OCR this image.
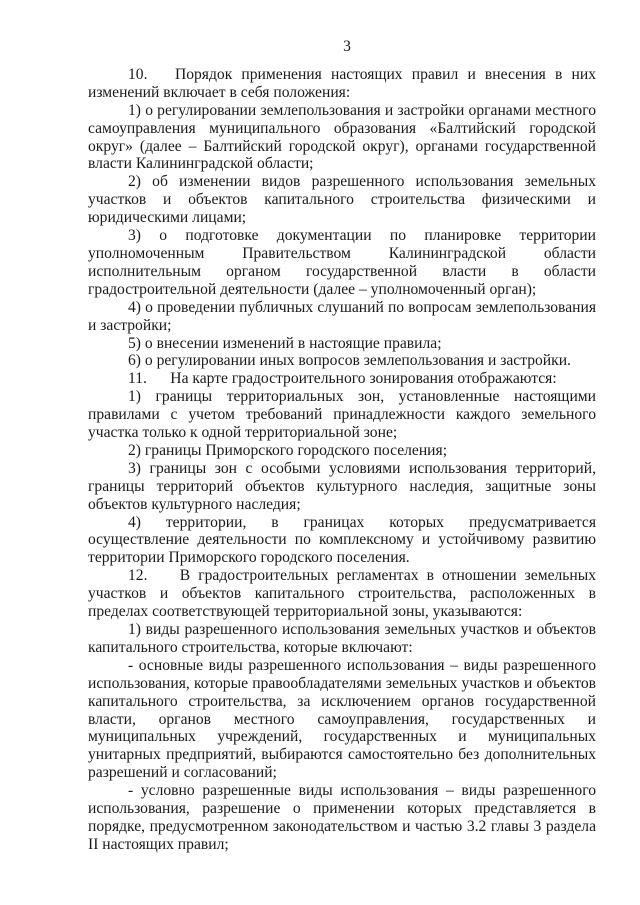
3

10.   Порядок применения настоящих правил и внесения в них изменений включает в себя положения:

1) о регулировании землепользования и застройки органами местного самоуправления муниципального образования «Балтийский городской округ» (далее – Балтийский городской округ), органами государственной власти Калининградской области;

2) об изменении видов разрешенного использования земельных участков и объектов капитального строительства физическими и юридическими лицами;

3) о подготовке документации по планировке территории уполномоченным Правительством Калининградской области исполнительным органом государственной власти в области градостроительной деятельности (далее – уполномоченный орган);

4) о проведении публичных слушаний по вопросам землепользования и застройки;

5) о внесении изменений в настоящие правила;

6) о регулировании иных вопросов землепользования и застройки.

11.      На карте градостроительного зонирования отображаются:

1) границы территориальных зон, установленные настоящими правилами с учетом требований принадлежности каждого земельного участка только к одной территориальной зоне;

2) границы Приморского городского поселения;

3) границы зон с особыми условиями использования территорий, границы территорий объектов культурного наследия, защитные зоны объектов культурного наследия;

4) территории, в границах которых предусматривается осуществление деятельности по комплексному и устойчивому развитию территории Приморского городского поселения.

12.    В градостроительных регламентах в отношении земельных участков и объектов капитального строительства, расположенных в пределах соответствующей территориальной зоны, указываются:

1) виды разрешенного использования земельных участков и объектов капитального строительства, которые включают:

- основные виды разрешенного использования – виды разрешенного использования, которые правообладателями земельных участков и объектов капитального строительства, за исключением органов государственной власти, органов местного самоуправления, государственных и муниципальных учреждений, государственных и муниципальных унитарных предприятий, выбираются самостоятельно без дополнительных разрешений и согласований;

- условно разрешенные виды использования – виды разрешенного использования, разрешение о применении которых представляется в порядке, предусмотренном законодательством и частью 3.2 главы 3 раздела II настоящих правил;
